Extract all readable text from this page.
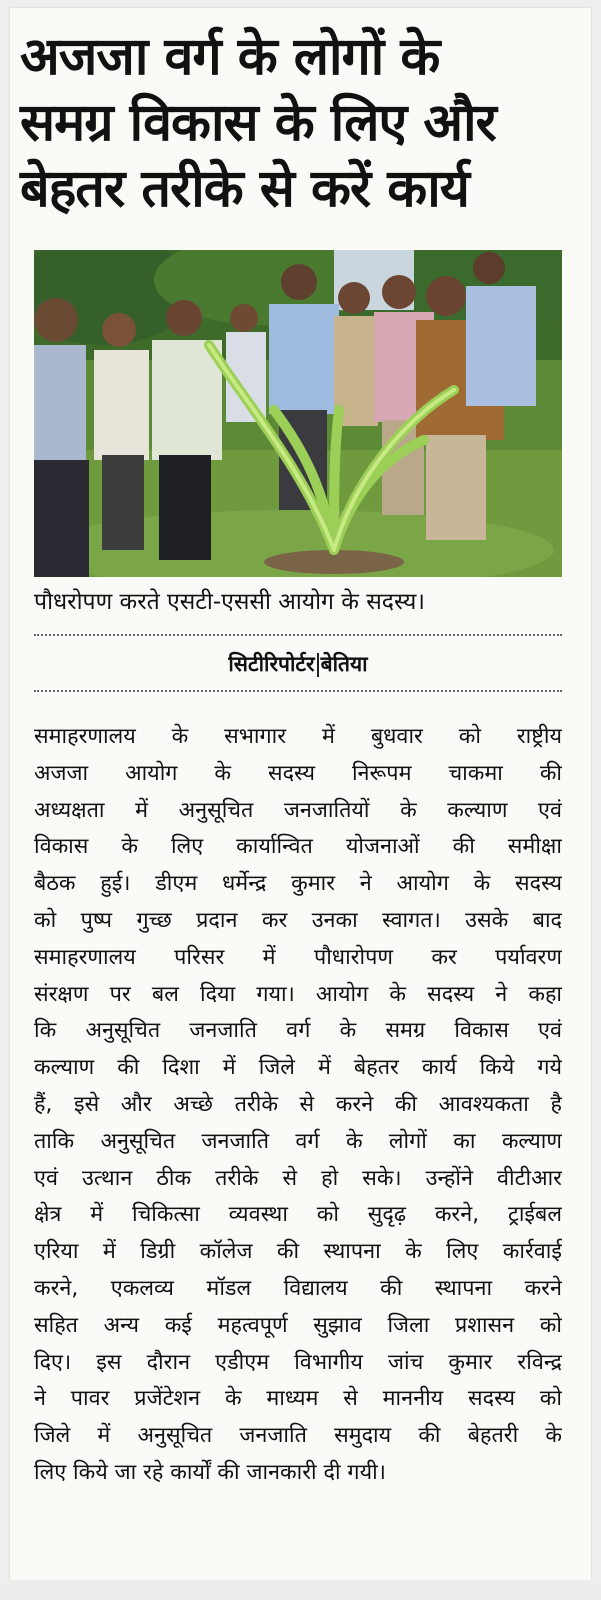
अजजा वर्ग के लोगों के
समग्र विकास के लिए और
बेहतर तरीके से करें कार्य
पौधरोपण करते एसटी-एससी आयोग के सदस्य।
सिटीरिपोर्टर बेतिया
समाहरणालय के सभागार में बुधवार को राष्ट्रीय
अजजा आयोग के सदस्य निरूपम चाकमा की
अध्यक्षता में अनुसूचित जनजातियों के कल्याण एवं
विकास के लिए कार्यान्वित योजनाओं की समीक्षा
बैठक हुई। डीएम धर्मेन्द्र कुमार ने आयोग के सदस्य
को पुष्प गुच्छ प्रदान कर उनका स्वागत। उसके बाद
समाहरणालय परिसर में पौधारोपण कर पर्यावरण
संरक्षण पर बल दिया गया। आयोग के सदस्य ने कहा
कि अनुसूचित जनजाति वर्ग के समग्र विकास एवं
कल्याण की दिशा में जिले में बेहतर कार्य किये गये
हैं, इसे और अच्छे तरीके से करने की आवश्यकता है
ताकि अनुसूचित जनजाति वर्ग के लोगों का कल्याण
एवं उत्थान ठीक तरीके से हो सके। उन्होंने वीटीआर
क्षेत्र में चिकित्सा व्यवस्था को सुदृढ़ करने, ट्राईबल
एरिया में डिग्री कॉलेज की स्थापना के लिए कार्रवाई
करने, एकलव्य मॉडल विद्यालय की स्थापना करने
सहित अन्य कई महत्वपूर्ण सुझाव जिला प्रशासन को
दिए। इस दौरान एडीएम विभागीय जांच कुमार रविन्द्र
ने पावर प्रजेंटेशन के माध्यम से माननीय सदस्य को
जिले में अनुसूचित जनजाति समुदाय की बेहतरी के
लिए किये जा रहे कार्यों की जानकारी दी गयी।
